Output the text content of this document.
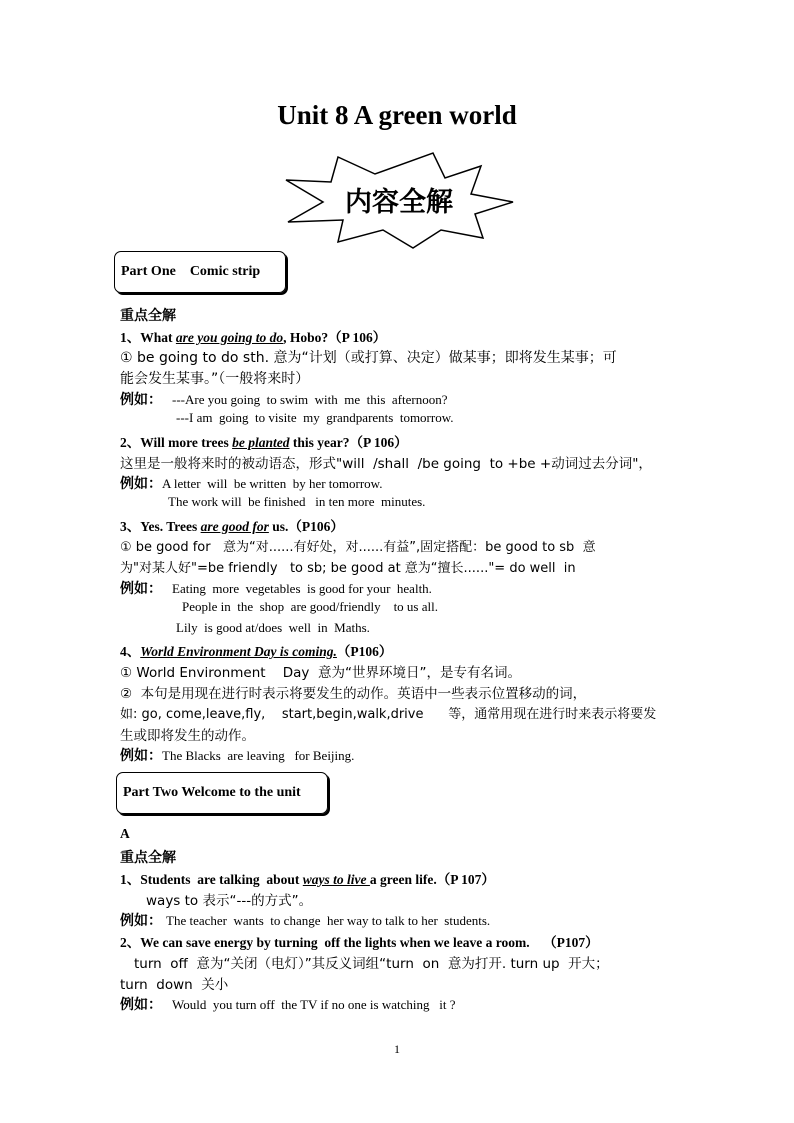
Unit 8 A green world
内容全解
Part One    Comic strip
重点全解
1、What are you going to do, Hobo?（P 106）
① be going to do sth. 意为“计划（或打算、决定）做某事；即将发生某事；可
能会发生某事。”（一般将来时）
例如： ---Are you going  to swim  with  me  this  afternoon?
---I am  going  to visite  my  grandparents  tomorrow.
2、Will more trees be planted this year?（P 106）
这里是一般将来时的被动语态，形式"will  /shall  /be going  to +be +动词过去分词"，
例如：A letter  will  be written  by her tomorrow.
The work will  be finished   in ten more  minutes.
3、Yes. Trees are good for us.（P106）
① be good for   意为“对......有好处，对......有益”,固定搭配：be good to sb  意
为"对某人好"=be friendly   to sb; be good at 意为“擅长......"= do well  in
例如： Eating  more  vegetables  is good for your  health.
People in  the  shop  are good/friendly    to us all.
Lily  is good at/does  well  in  Maths.
4、World Environment Day is coming.（P106）
① World Environment    Day  意为“世界环境日”，是专有名词。
②  本句是用现在进行时表示将要发生的动作。英语中一些表示位置移动的词，
如: go, come,leave,fly,    start,begin,walk,drive      等，通常用现在进行时来表示将要发
生或即将发生的动作。
例如：The Blacks  are leaving   for Beijing.
Part Two Welcome to the unit
A
重点全解
1、Students  are talking  about ways to live a green life.（P 107）
ways to 表示“---的方式”。
例如： The teacher  wants  to change  her way to talk to her  students.
2、We can save energy by turning  off the lights when we leave a room.    （P107）
turn  off  意为“关闭（电灯）”其反义词组“turn  on  意为打开. turn up  开大；
turn  down  关小
例如： Would  you turn off  the TV if no one is watching   it ?
1
